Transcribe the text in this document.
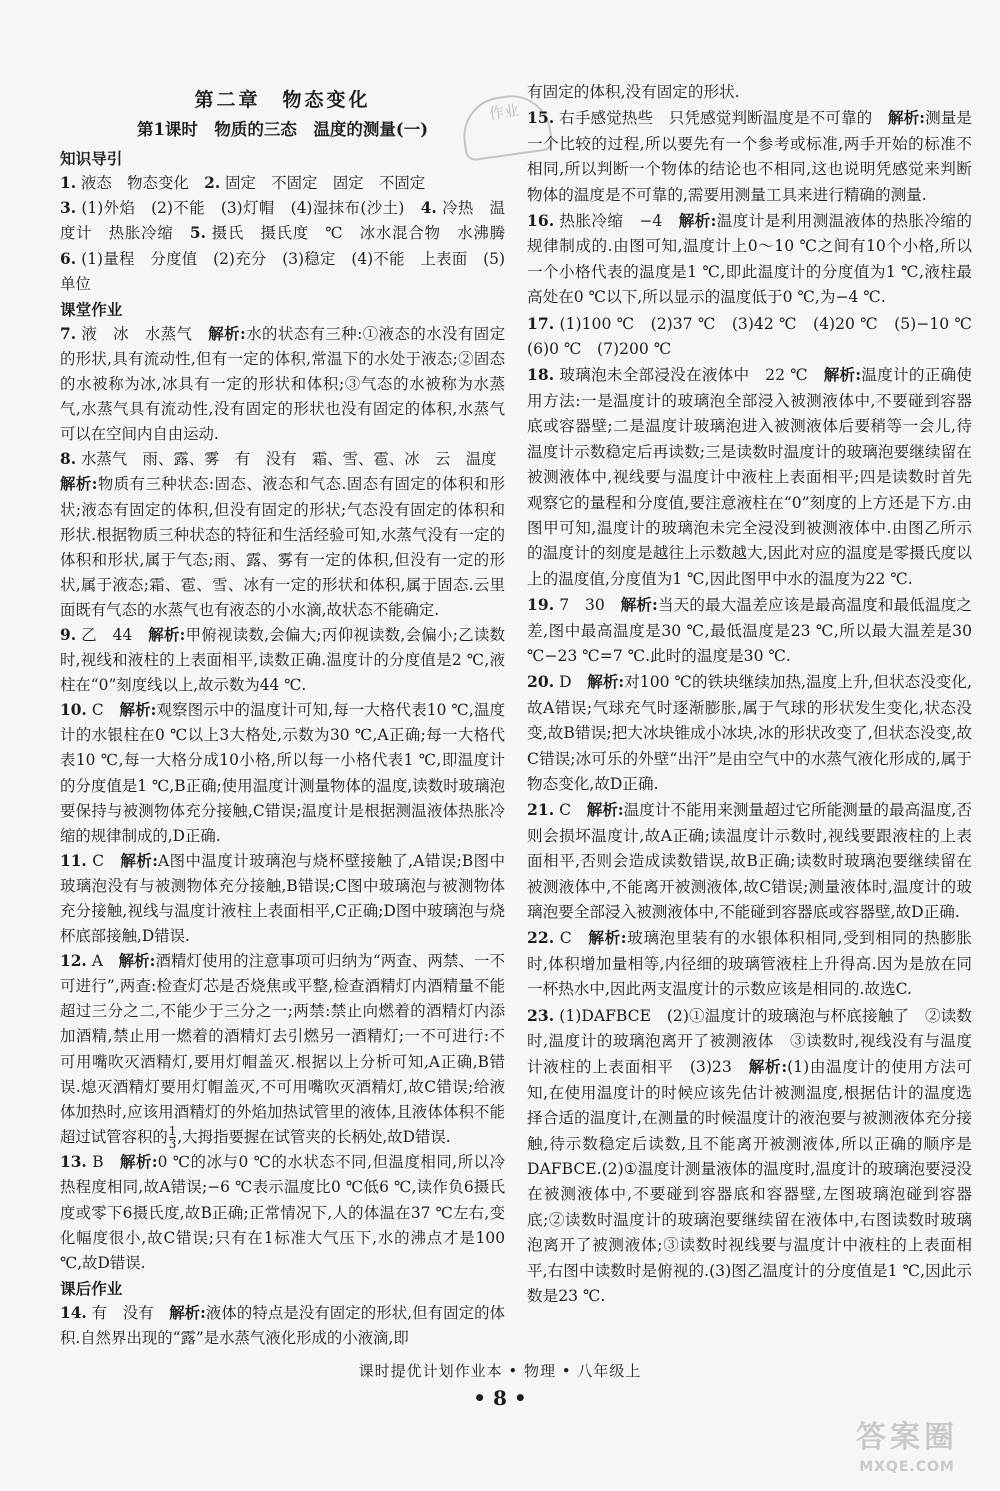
作业
第二章　物态变化
第1课时　物质的三态　温度的测量(一)
知识导引

1. 液态　物态变化　2. 固定　不固定　固定　不固定

3. (1)外焰　(2)不能　(3)灯帽　(4)湿抹布(沙土)　4. 冷热　温度计　热胀冷缩　5. 摄氏　摄氏度　℃　冰水混合物　水沸腾　6. (1)量程　分度值　(2)充分　(3)稳定　(4)不能　上表面　(5)单位

课堂作业

7. 液　冰　水蒸气　解析:水的状态有三种:①液态的水没有固定的形状,具有流动性,但有一定的体积,常温下的水处于液态;②固态的水被称为冰,冰具有一定的形状和体积;③气态的水被称为水蒸气,水蒸气具有流动性,没有固定的形状也没有固定的体积,水蒸气可以在空间内自由运动.

8. 水蒸气　雨、露、雾　有　没有　霜、雪、雹、冰　云　温度
解析:物质有三种状态:固态、液态和气态.固态有固定的体积和形状;液态有固定的体积,但没有固定的形状;气态没有固定的体积和形状.根据物质三种状态的特征和生活经验可知,水蒸气没有一定的体积和形状,属于气态;雨、露、雾有一定的体积,但没有一定的形状,属于液态;霜、雹、雪、冰有一定的形状和体积,属于固态.云里面既有气态的水蒸气也有液态的小水滴,故状态不能确定.

9. 乙　44　解析:甲俯视读数,会偏大;丙仰视读数,会偏小;乙读数时,视线和液柱的上表面相平,读数正确.温度计的分度值是2 ℃,液柱在“0”刻度线以上,故示数为44 ℃.

10. C　解析:观察图示中的温度计可知,每一大格代表10 ℃,温度计的水银柱在0 ℃以上3大格处,示数为30 ℃,A正确;每一大格代表10 ℃,每一大格分成10小格,所以每一小格代表1 ℃,即温度计的分度值是1 ℃,B正确;使用温度计测量物体的温度,读数时玻璃泡要保持与被测物体充分接触,C错误;温度计是根据测温液体热胀冷缩的规律制成的,D正确.

11. C　解析:A图中温度计玻璃泡与烧杯壁接触了,A错误;B图中玻璃泡没有与被测物体充分接触,B错误;C图中玻璃泡与被测物体充分接触,视线与温度计液柱上表面相平,C正确;D图中玻璃泡与烧杯底部接触,D错误.

12. A　解析:酒精灯使用的注意事项可归纳为“两查、两禁、一不可进行”,两查:检查灯芯是否烧焦或平整,检查酒精灯内酒精量不能超过三分之二,不能少于三分之一;两禁:禁止向燃着的酒精灯内添加酒精,禁止用一燃着的酒精灯去引燃另一酒精灯;一不可进行:不可用嘴吹灭酒精灯,要用灯帽盖灭.根据以上分析可知,A正确,B错误.熄灭酒精灯要用灯帽盖灭,不可用嘴吹灭酒精灯,故C错误;给液体加热时,应该用酒精灯的外焰加热试管里的液体,且液体体积不能超过试管容积的 $\frac{1}{3}$ ,大拇指要握在试管夹的长柄处,故D错误.

13. B　解析:0 ℃的冰与0 ℃的水状态不同,但温度相同,所以冷热程度相同,故A错误;−6 ℃表示温度比0 ℃低6 ℃,读作负6摄氏度或零下6摄氏度,故B正确;正常情况下,人的体温在37 ℃左右,变化幅度很小,故C错误;只有在1标准大气压下,水的沸点才是100 ℃,故D错误.

课后作业

14. 有　没有　解析:液体的特点是没有固定的形状,但有固定的体积.自然界出现的“露”是水蒸气液化形成的小液滴,即

有固定的体积,没有固定的形状.

15. 右手感觉热些　只凭感觉判断温度是不可靠的　解析:测量是一个比较的过程,所以要先有一个参考或标准,两手开始的标准不相同,所以判断一个物体的结论也不相同,这也说明凭感觉来判断物体的温度是不可靠的,需要用测量工具来进行精确的测量.

16. 热胀冷缩　−4　解析:温度计是利用测温液体的热胀冷缩的规律制成的.由图可知,温度计上0～10 ℃之间有10个小格,所以一个小格代表的温度是1 ℃,即此温度计的分度值为1 ℃,液柱最高处在0 ℃以下,所以显示的温度低于0 ℃,为−4 ℃.

17. (1)100 ℃　(2)37 ℃　(3)42 ℃　(4)20 ℃　(5)−10 ℃　(6)0 ℃　(7)200 ℃

18. 玻璃泡未全部浸没在液体中　22 ℃　解析:温度计的正确使用方法:一是温度计的玻璃泡全部浸入被测液体中,不要碰到容器底或容器壁;二是温度计玻璃泡进入被测液体后要稍等一会儿,待温度计示数稳定后再读数;三是读数时温度计的玻璃泡要继续留在被测液体中,视线要与温度计中液柱上表面相平;四是读数时首先观察它的量程和分度值,要注意液柱在“0”刻度的上方还是下方.由图甲可知,温度计的玻璃泡未完全浸没到被测液体中.由图乙所示的温度计的刻度是越往上示数越大,因此对应的温度是零摄氏度以上的温度值,分度值为1 ℃,因此图甲中水的温度为22 ℃.

19. 7　30　解析:当天的最大温差应该是最高温度和最低温度之差,图中最高温度是30 ℃,最低温度是23 ℃,所以最大温差是30 ℃−23 ℃=7 ℃.此时的温度是30 ℃.

20. D　解析:对100 ℃的铁块继续加热,温度上升,但状态没变化,故A错误;气球充气时逐渐膨胀,属于气球的形状发生变化,状态没变,故B错误;把大冰块锥成小冰块,冰的形状改变了,但状态没变,故C错误;冰可乐的外壁“出汗”是由空气中的水蒸气液化形成的,属于物态变化,故D正确.

21. C　解析:温度计不能用来测量超过它所能测量的最高温度,否则会损坏温度计,故A正确;读温度计示数时,视线要跟液柱的上表面相平,否则会造成读数错误,故B正确;读数时玻璃泡要继续留在被测液体中,不能离开被测液体,故C错误;测量液体时,温度计的玻璃泡要全部浸入被测液体中,不能碰到容器底或容器壁,故D正确.

22. C　解析:玻璃泡里装有的水银体积相同,受到相同的热膨胀时,体积增加量相等,内径细的玻璃管液柱上升得高.因为是放在同一杯热水中,因此两支温度计的示数应该是相同的.故选C.

23. (1)DAFBCE　(2)①温度计的玻璃泡与杯底接触了　②读数时,温度计的玻璃泡离开了被测液体　③读数时,视线没有与温度计液柱的上表面相平　(3)23　解析:(1)由温度计的使用方法可知,在使用温度计的时候应该先估计被测温度,根据估计的温度选择合适的温度计,在测量的时候温度计的液泡要与被测液体充分接触,待示数稳定后读数,且不能离开被测液体,所以正确的顺序是DAFBCE.(2)①温度计测量液体的温度时,温度计的玻璃泡要浸没在被测液体中,不要碰到容器底和容器壁,左图玻璃泡碰到容器底;②读数时温度计的玻璃泡要继续留在液体中,右图读数时玻璃泡离开了被测液体;③读数时视线要与温度计中液柱的上表面相平,右图中读数时是俯视的.(3)图乙温度计的分度值是1 ℃,因此示数是23 ℃.

课时提优计划作业本 • 物理 • 八年级上
• 8 •
答案圈
MXQE.COM
